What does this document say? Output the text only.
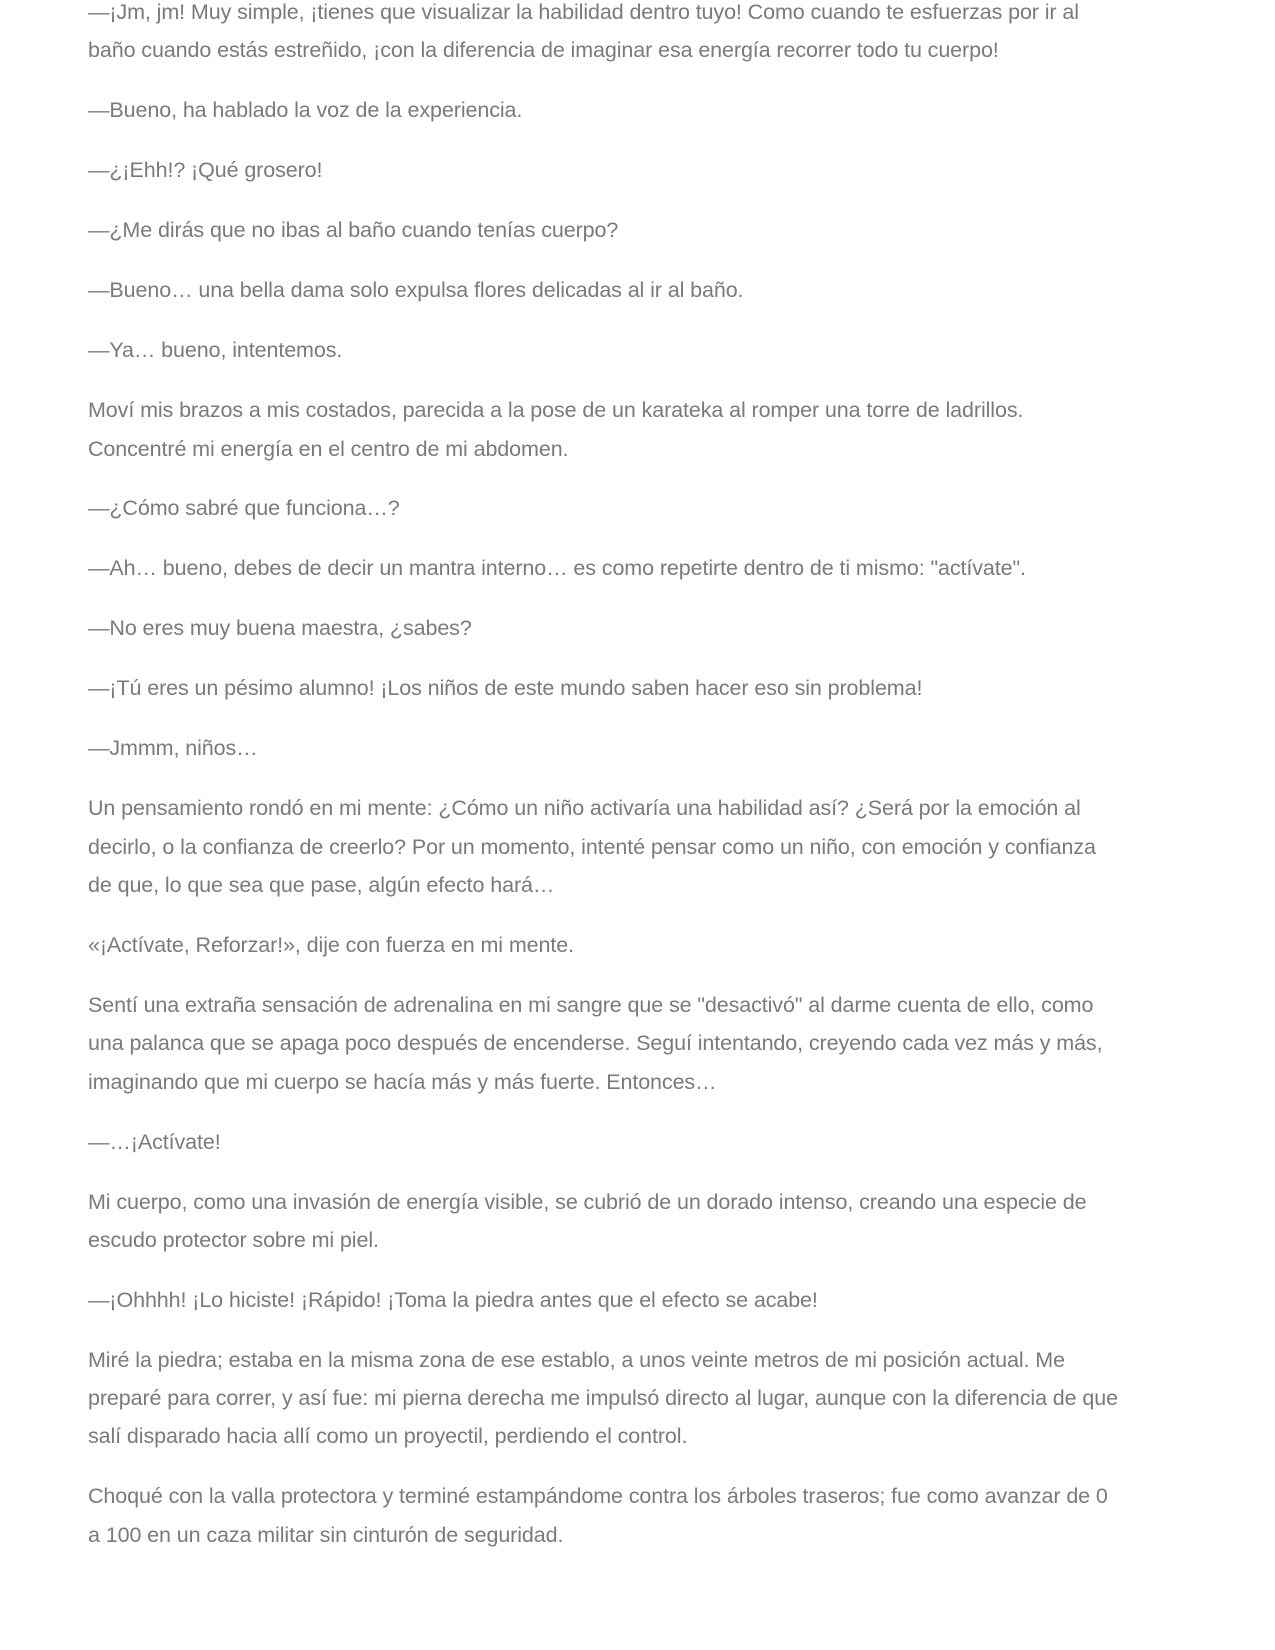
—¡Jm, jm! Muy simple, ¡tienes que visualizar la habilidad dentro tuyo! Como cuando te esfuerzas por ir al baño cuando estás estreñido, ¡con la diferencia de imaginar esa energía recorrer todo tu cuerpo!

—Bueno, ha hablado la voz de la experiencia.

—¿¡Ehh!? ¡Qué grosero!

—¿Me dirás que no ibas al baño cuando tenías cuerpo?

—Bueno… una bella dama solo expulsa flores delicadas al ir al baño.

—Ya… bueno, intentemos.

Moví mis brazos a mis costados, parecida a la pose de un karateka al romper una torre de ladrillos. Concentré mi energía en el centro de mi abdomen.

—¿Cómo sabré que funciona…?

—Ah… bueno, debes de decir un mantra interno… es como repetirte dentro de ti mismo: "actívate".

—No eres muy buena maestra, ¿sabes?

—¡Tú eres un pésimo alumno! ¡Los niños de este mundo saben hacer eso sin problema!

—Jmmm, niños…

Un pensamiento rondó en mi mente: ¿Cómo un niño activaría una habilidad así? ¿Será por la emoción al decirlo, o la confianza de creerlo? Por un momento, intenté pensar como un niño, con emoción y confianza de que, lo que sea que pase, algún efecto hará…

«¡Actívate, Reforzar!», dije con fuerza en mi mente.

Sentí una extraña sensación de adrenalina en mi sangre que se "desactivó" al darme cuenta de ello, como una palanca que se apaga poco después de encenderse. Seguí intentando, creyendo cada vez más y más, imaginando que mi cuerpo se hacía más y más fuerte. Entonces…

—…¡Actívate!

Mi cuerpo, como una invasión de energía visible, se cubrió de un dorado intenso, creando una especie de escudo protector sobre mi piel.

—¡Ohhhh! ¡Lo hiciste! ¡Rápido! ¡Toma la piedra antes que el efecto se acabe!

Miré la piedra; estaba en la misma zona de ese establo, a unos veinte metros de mi posición actual. Me preparé para correr, y así fue: mi pierna derecha me impulsó directo al lugar, aunque con la diferencia de que salí disparado hacia allí como un proyectil, perdiendo el control.

Choqué con la valla protectora y terminé estampándome contra los árboles traseros; fue como avanzar de 0 a 100 en un caza militar sin cinturón de seguridad.
